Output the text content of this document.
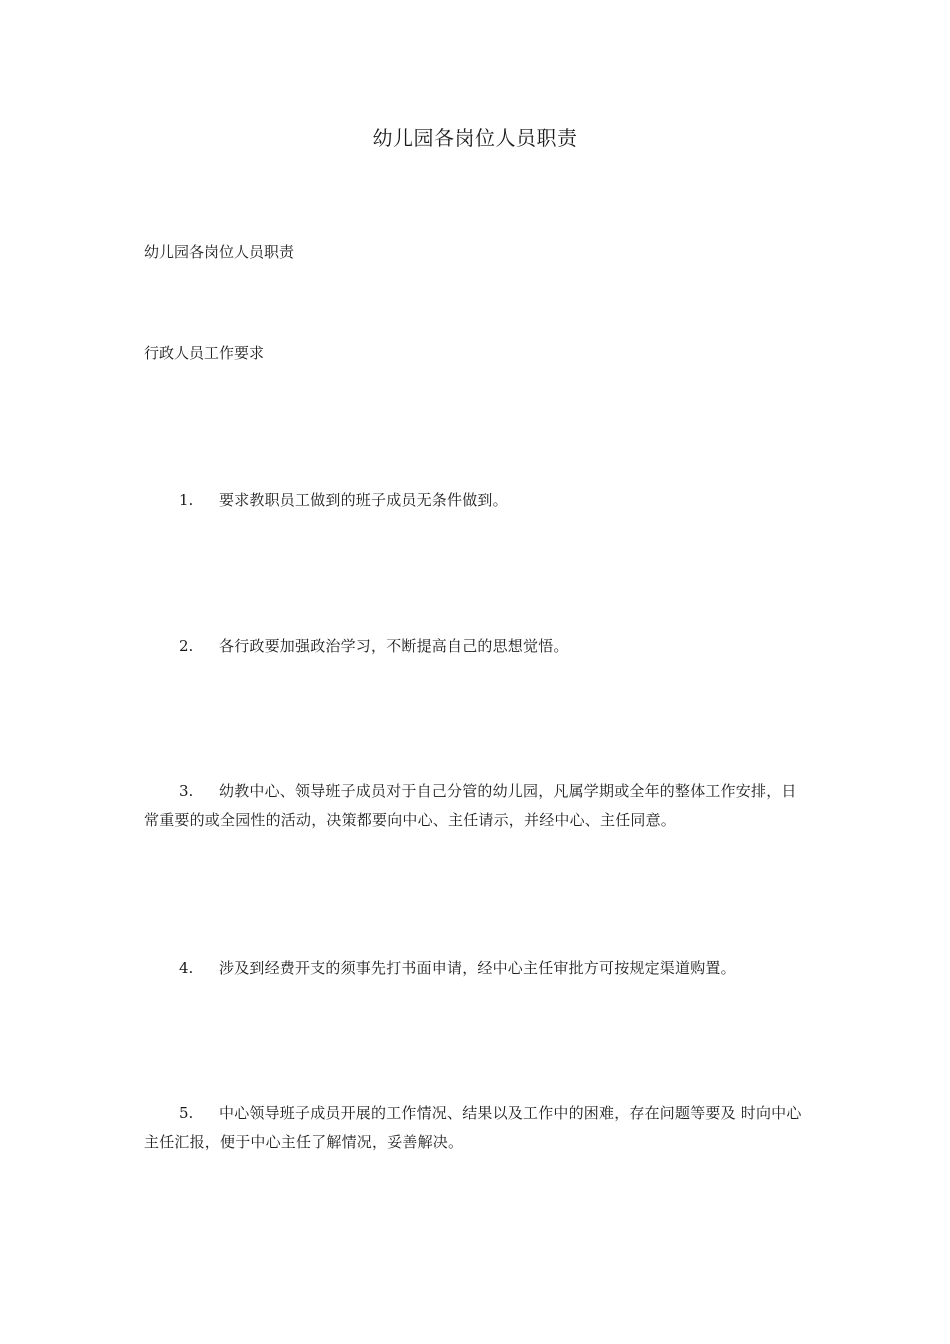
幼儿园各岗位人员职责
幼儿园各岗位人员职责
行政人员工作要求
1. 要求教职员工做到的班子成员无条件做到。
2. 各行政要加强政治学习，不断提高自己的思想觉悟。
3. 幼教中心、领导班子成员对于自己分管的幼儿园，凡属学期或全年的整体工作安排，日常重要的或全园性的活动，决策都要向中心、主任请示，并经中心、主任同意。
4. 涉及到经费开支的须事先打书面申请，经中心主任审批方可按规定渠道购置。
5. 中心领导班子成员开展的工作情况、结果以及工作中的困难，存在问题等要及 时向中心主任汇报，便于中心主任了解情况，妥善解决。
